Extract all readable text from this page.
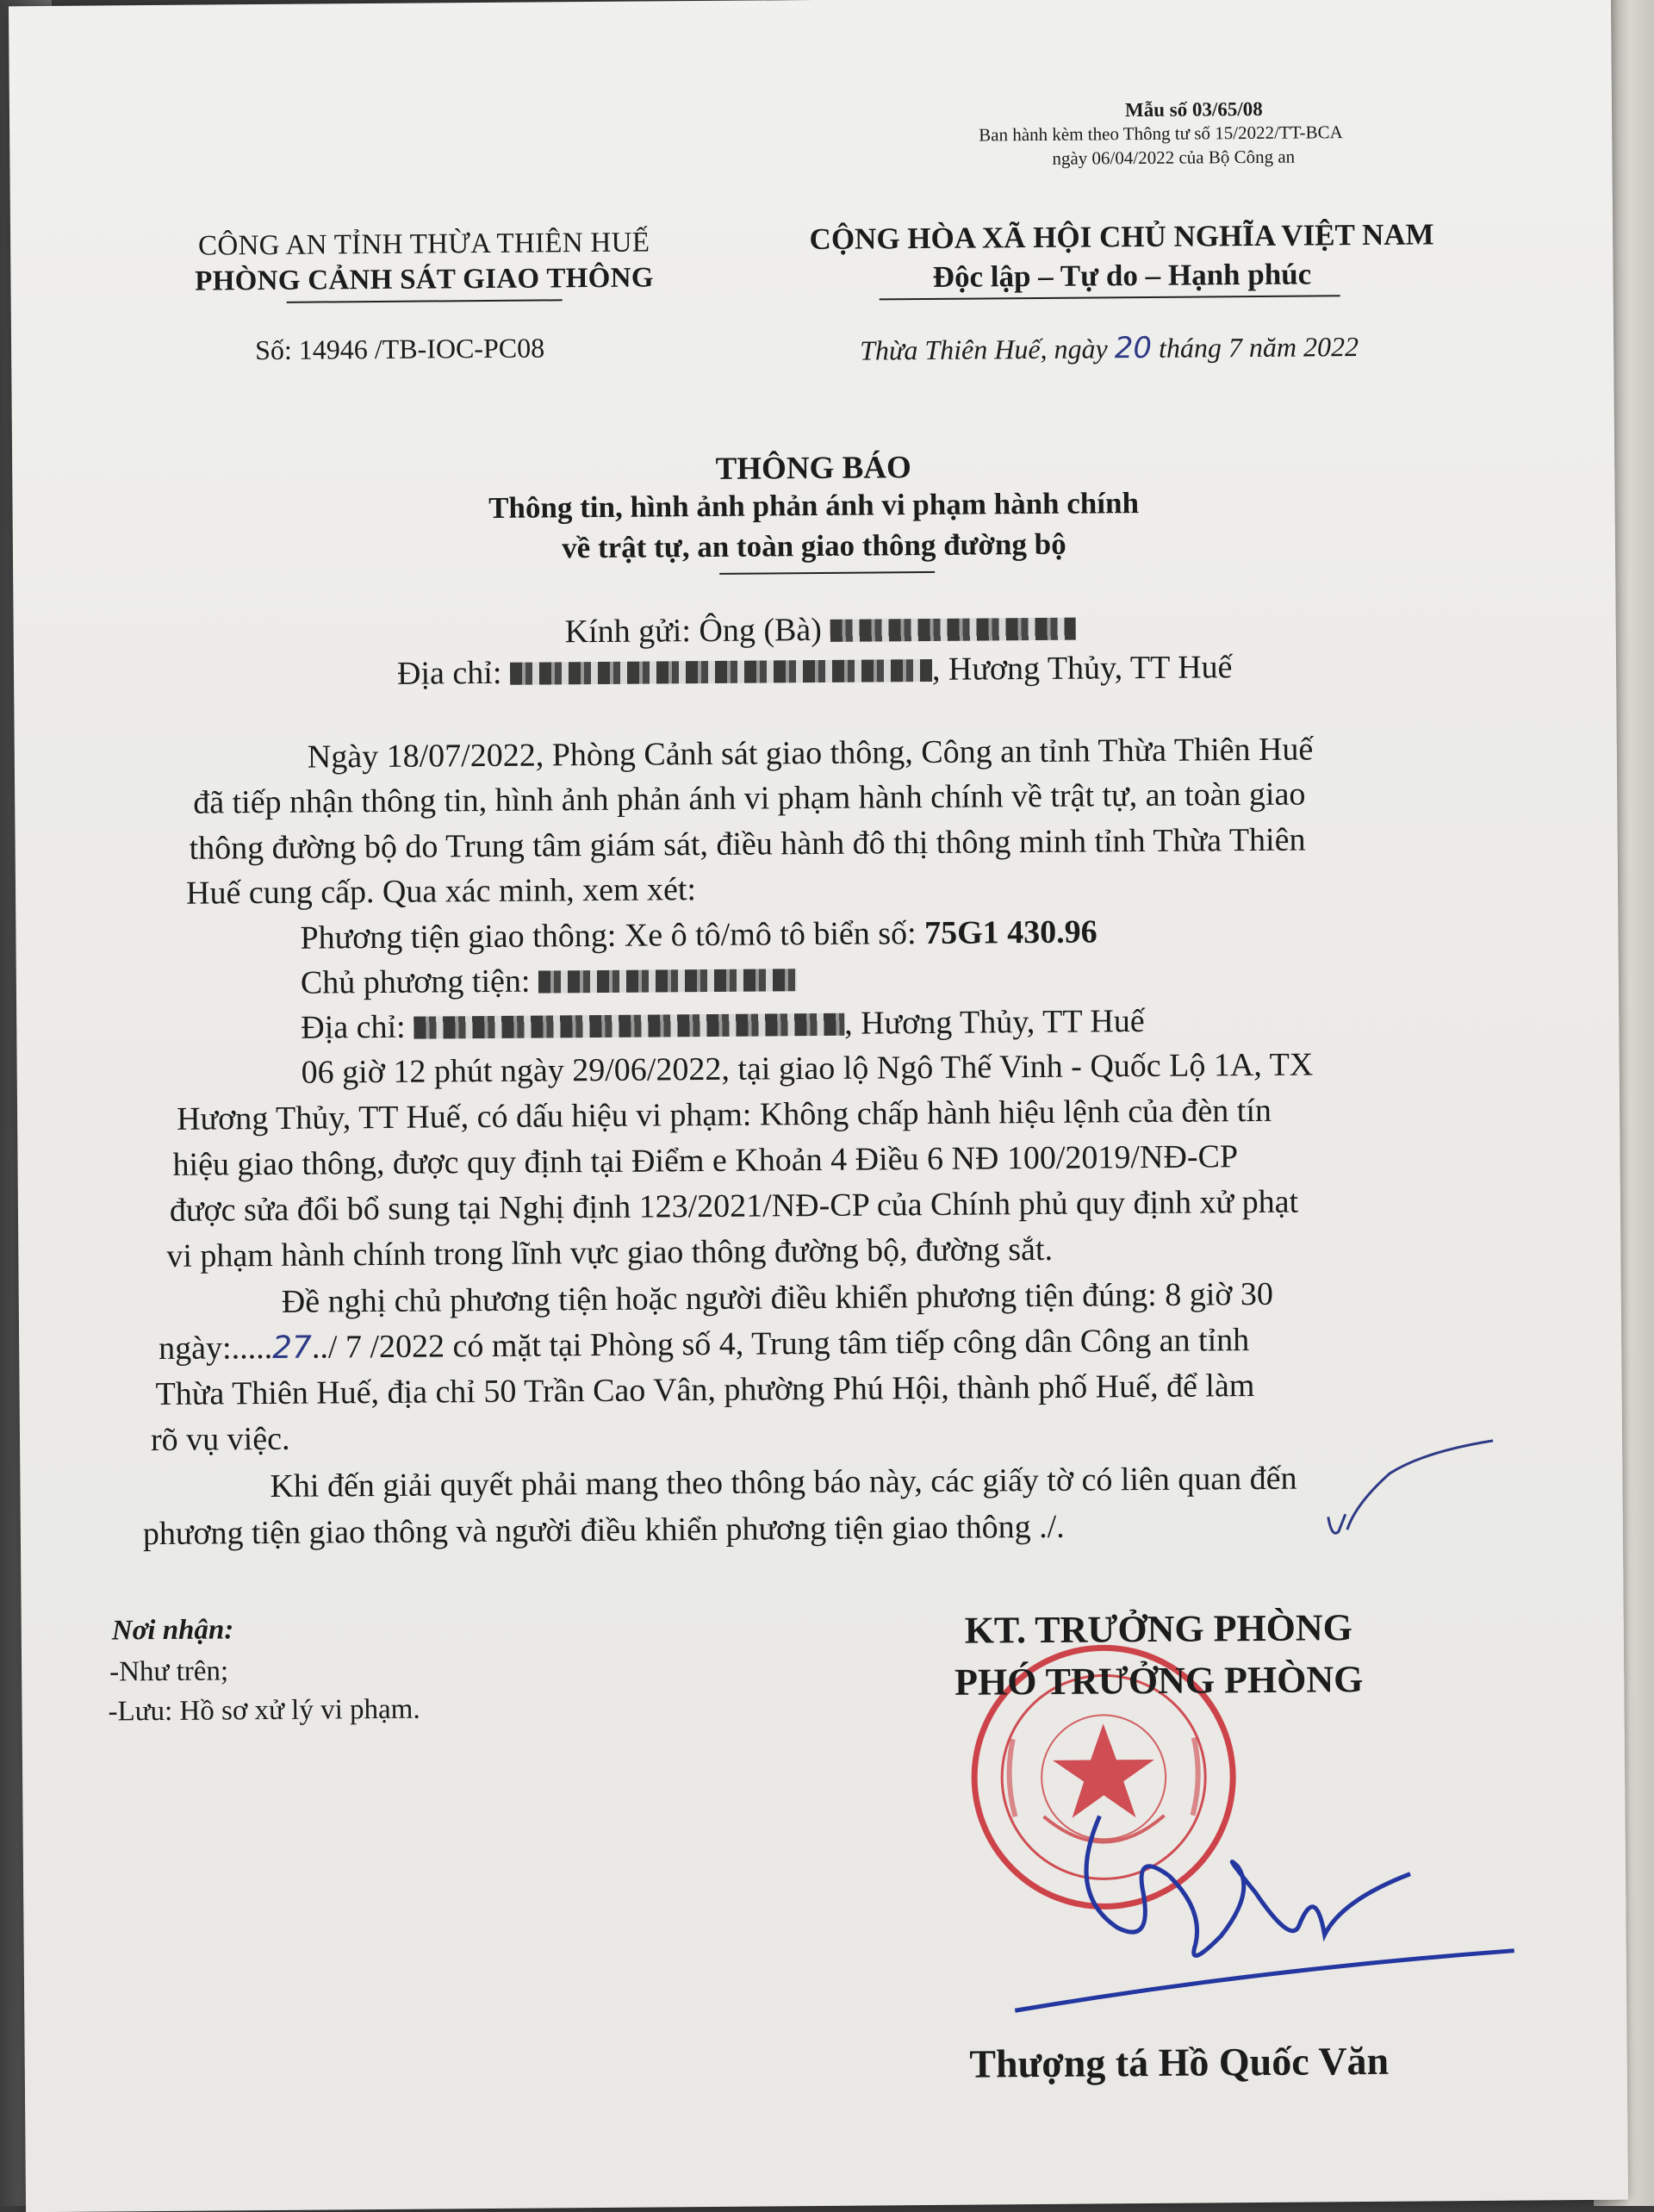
Mẫu số 03/65/08
Ban hành kèm theo Thông tư số 15/2022/TT-BCA
ngày 06/04/2022 của Bộ Công an
CÔNG AN TỈNH THỪA THIÊN HUẾ
PHÒNG CẢNH SÁT GIAO THÔNG
Số: 14946 /TB-IOC-PC08
CỘNG HÒA XÃ HỘI CHỦ NGHĨA VIỆT NAM
Độc lập – Tự do – Hạnh phúc
Thừa Thiên Huế, ngày 20 tháng 7 năm 2022
THÔNG BÁO
Thông tin, hình ảnh phản ánh vi phạm hành chính
về trật tự, an toàn giao thông đường bộ
Kính gửi: Ông (Bà)
Địa chỉ:	, Hương Thủy, TT Huế
Ngày 18/07/2022, Phòng Cảnh sát giao thông, Công an tỉnh Thừa Thiên Huế
đã tiếp nhận thông tin, hình ảnh phản ánh vi phạm hành chính về trật tự, an toàn giao
thông đường bộ do Trung tâm giám sát, điều hành đô thị thông minh tỉnh Thừa Thiên
Huế cung cấp. Qua xác minh, xem xét:
Phương tiện giao thông: Xe ô tô/mô tô biển số: 75G1 430.96
Chủ phương tiện:
Địa chỉ:	, Hương Thủy, TT Huế
06 giờ 12 phút ngày 29/06/2022, tại giao lộ Ngô Thế Vinh - Quốc Lộ 1A, TX
Hương Thủy, TT Huế, có dấu hiệu vi phạm: Không chấp hành hiệu lệnh của đèn tín
hiệu giao thông, được quy định tại Điểm e Khoản 4 Điều 6 NĐ 100/2019/NĐ-CP
được sửa đổi bổ sung tại Nghị định 123/2021/NĐ-CP của Chính phủ quy định xử phạt
vi phạm hành chính trong lĩnh vực giao thông đường bộ, đường sắt.
Đề nghị chủ phương tiện hoặc người điều khiển phương tiện đúng: 8 giờ 30
ngày:.....27../ 7 /2022 có mặt tại Phòng số 4, Trung tâm tiếp công dân Công an tỉnh
Thừa Thiên Huế, địa chỉ 50 Trần Cao Vân, phường Phú Hội, thành phố Huế, để làm
rõ vụ việc.
Khi đến giải quyết phải mang theo thông báo này, các giấy tờ có liên quan đến
phương tiện giao thông và người điều khiển phương tiện giao thông ./.
Nơi nhận:
-Như trên;
-Lưu: Hồ sơ xử lý vi phạm.
KT. TRƯỞNG PHÒNG
PHÓ TRƯỞNG PHÒNG
Thượng tá Hồ Quốc Văn
